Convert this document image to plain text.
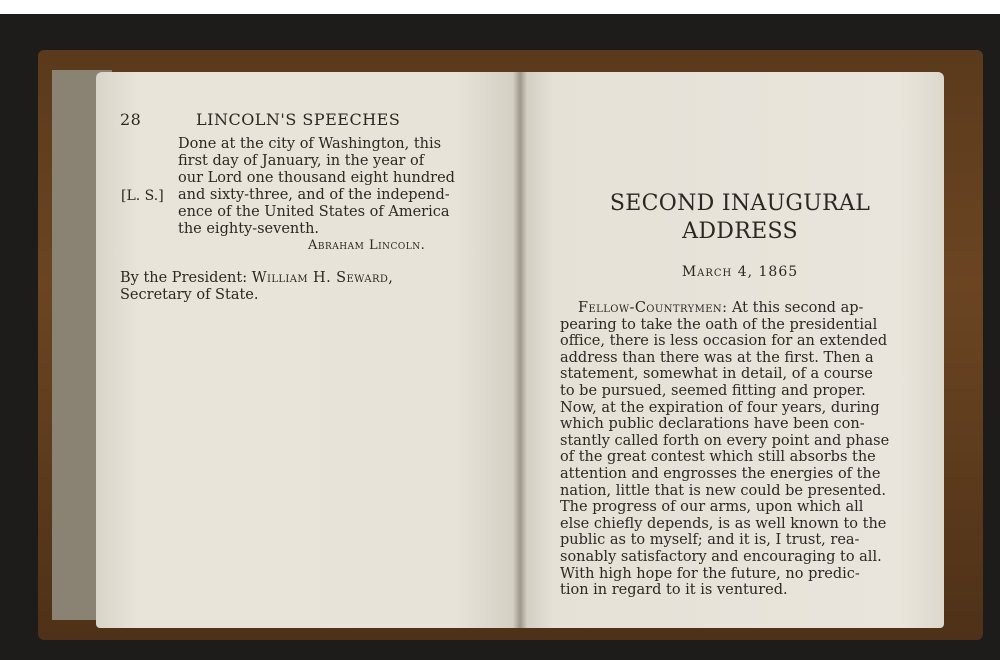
28	LINCOLN'S SPEECHES
Done at the city of Washington, this
first day of January, in the year of
our Lord one thousand eight hundred
and sixty-three, and of the independ-
ence of the United States of America
the eighty-seventh.
[L. S.]
Abraham Lincoln.
By the President: William H. Seward,
Secretary of State.
SECOND INAUGURAL
ADDRESS
March 4, 1865
Fellow-Countrymen: At this second ap-
pearing to take the oath of the presidential
office, there is less occasion for an extended
address than there was at the first. Then a
statement, somewhat in detail, of a course
to be pursued, seemed fitting and proper.
Now, at the expiration of four years, during
which public declarations have been con-
stantly called forth on every point and phase
of the great contest which still absorbs the
attention and engrosses the energies of the
nation, little that is new could be presented.
The progress of our arms, upon which all
else chiefly depends, is as well known to the
public as to myself; and it is, I trust, rea-
sonably satisfactory and encouraging to all.
With high hope for the future, no predic-
tion in regard to it is ventured.
